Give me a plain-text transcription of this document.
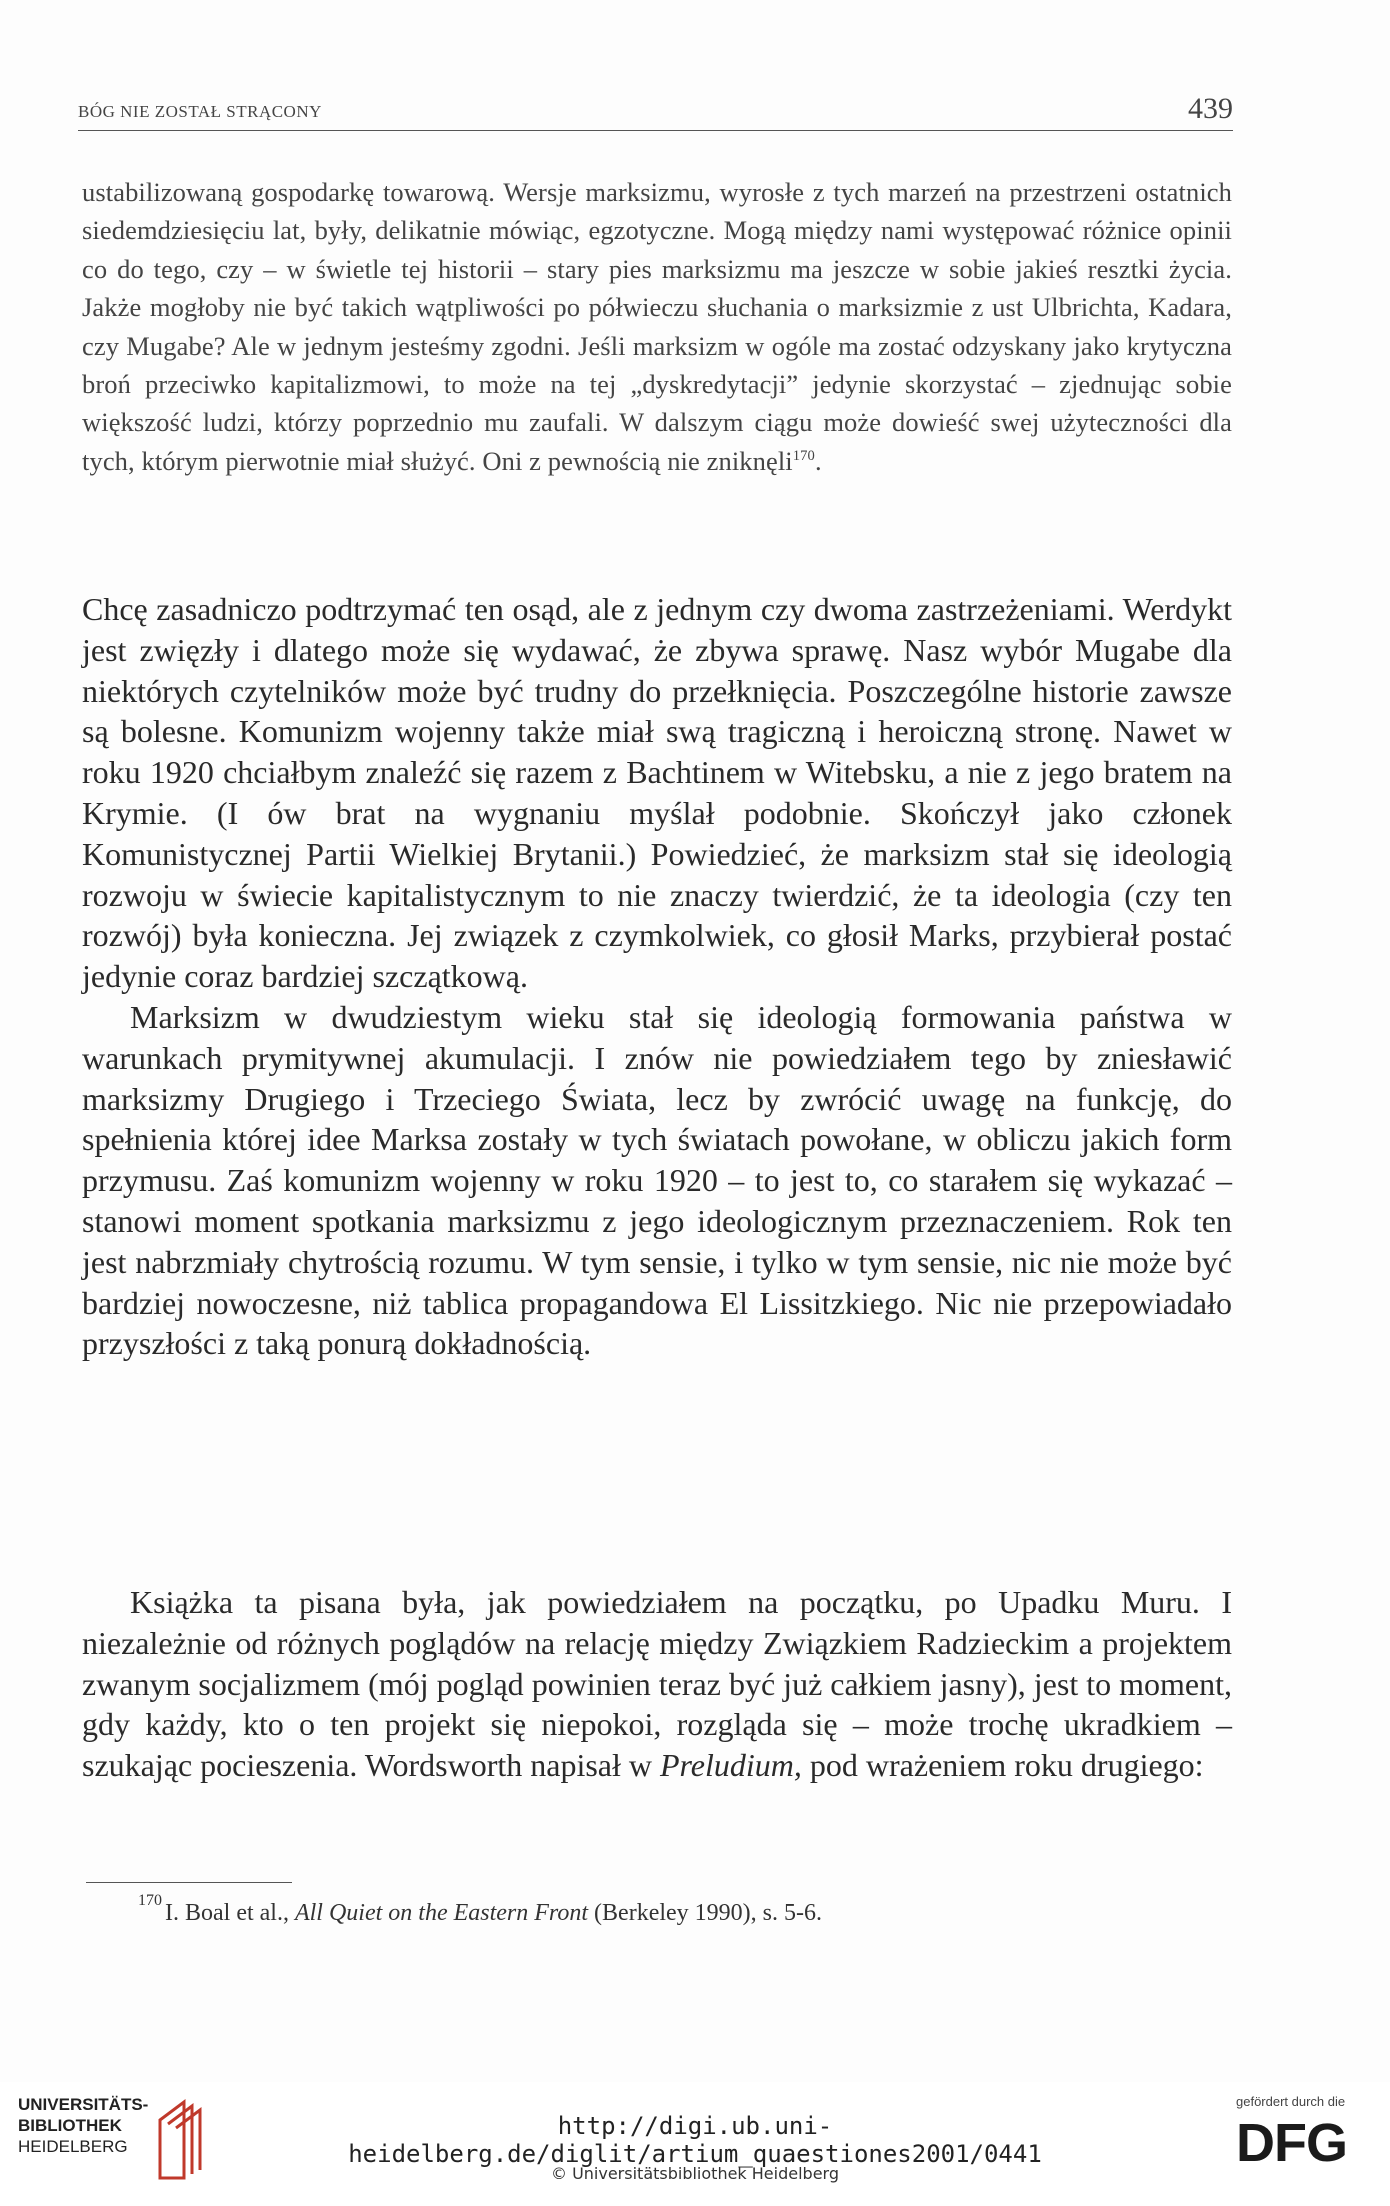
BÓG NIE ZOSTAŁ STRĄCONY	439

ustabilizowaną gospodarkę towarową. Wersje marksizmu, wyrosłe z tych marzeń na przestrzeni ostatnich siedemdziesięciu lat, były, delikatnie mówiąc, egzotyczne. Mogą między nami występować różnice opinii co do tego, czy – w świetle tej historii – stary pies marksizmu ma jeszcze w sobie jakieś resztki życia. Jakże mogłoby nie być takich wątpliwości po półwieczu słuchania o marksizmie z ust Ulbrichta, Kadara, czy Mugabe? Ale w jednym jesteśmy zgodni. Jeśli marksizm w ogóle ma zostać odzyskany jako krytyczna broń przeciwko kapitalizmowi, to może na tej „dyskredytacji” jedynie skorzystać – zjednując sobie większość ludzi, którzy poprzednio mu zaufali. W dalszym ciągu może dowieść swej użyteczności dla tych, którym pierwotnie miał służyć. Oni z pewnością nie zniknęli$^{170}$.

Chcę zasadniczo podtrzymać ten osąd, ale z jednym czy dwoma zastrzeżeniami. Werdykt jest zwięzły i dlatego może się wydawać, że zbywa sprawę. Nasz wybór Mugabe dla niektórych czytelników może być trudny do przełknięcia. Poszczególne historie zawsze są bolesne. Komunizm wojenny także miał swą tragiczną i heroiczną stronę. Nawet w roku 1920 chciałbym znaleźć się razem z Bachtinem w Witebsku, a nie z jego bratem na Krymie. (I ów brat na wygnaniu myślał podobnie. Skończył jako członek Komunistycznej Partii Wielkiej Brytanii.) Powiedzieć, że marksizm stał się ideologią rozwoju w świecie kapitalistycznym to nie znaczy twierdzić, że ta ideologia (czy ten rozwój) była konieczna. Jej związek z czymkolwiek, co głosił Marks, przybierał postać jedynie coraz bardziej szczątkową.

Marksizm w dwudziestym wieku stał się ideologią formowania państwa w warunkach prymitywnej akumulacji. I znów nie powiedziałem tego by zniesławić marksizmy Drugiego i Trzeciego Świata, lecz by zwrócić uwagę na funkcję, do spełnienia której idee Marksa zostały w tych światach powołane, w obliczu jakich form przymusu. Zaś komunizm wojenny w roku 1920 – to jest to, co starałem się wykazać – stanowi moment spotkania marksizmu z jego ideologicznym przeznaczeniem. Rok ten jest nabrzmiały chytrością rozumu. W tym sensie, i tylko w tym sensie, nic nie może być bardziej nowoczesne, niż tablica propagandowa El Lissitzkiego. Nic nie przepowiadało przyszłości z taką ponurą dokładnością.

Książka ta pisana była, jak powiedziałem na początku, po Upadku Muru. I niezależnie od różnych poglądów na relację między Związkiem Radzieckim a projektem zwanym socjalizmem (mój pogląd powinien teraz być już całkiem jasny), jest to moment, gdy każdy, kto o ten projekt się niepokoi, rozgląda się – może trochę ukradkiem – szukając pocieszenia. Wordsworth napisał w Preludium, pod wrażeniem roku drugiego:

170 I. Boal et al., All Quiet on the Eastern Front (Berkeley 1990), s. 5-6.
UNIVERSITÄTS-
BIBLIOTHEK
HEIDELBERG
http://digi.ub.uni-heidelberg.de/diglit/artium_quaestiones2001/0441
© Universitätsbibliothek Heidelberg
gefördert durch die
DFG
